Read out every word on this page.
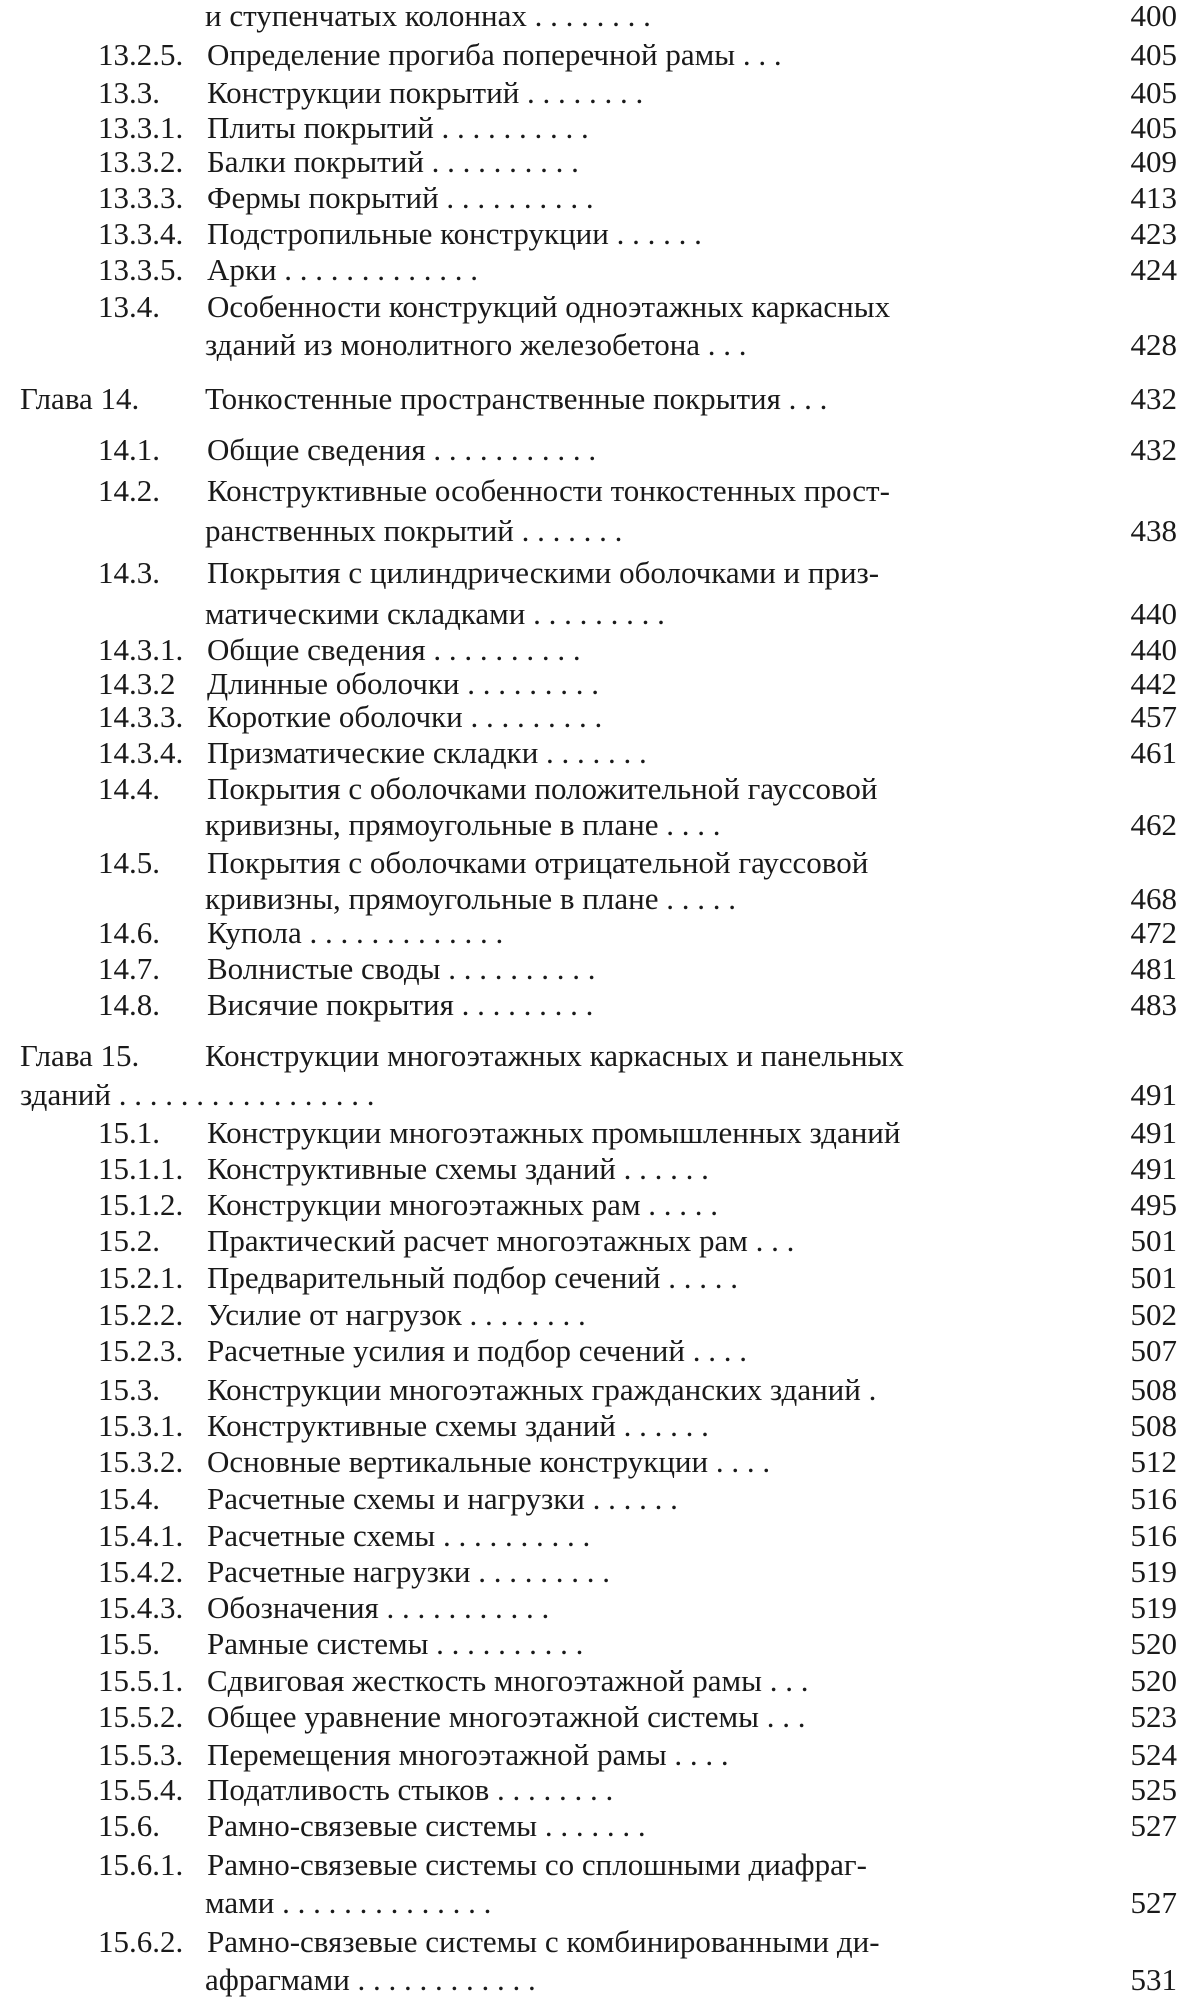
и ступенчатых колоннах . . . . . . . .	400
13.2.5. Определение прогиба поперечной рамы . . .	405
13.3. Конструкции покрытий . . . . . . . .	405
13.3.1. Плиты покрытий . . . . . . . . . .	405
13.3.2. Балки покрытий . . . . . . . . . .	409
13.3.3. Фермы покрытий . . . . . . . . . .	413
13.3.4. Подстропильные конструкции . . . . . .	423
13.3.5. Арки . . . . . . . . . . . . .	424
13.4. Особенности конструкций одноэтажных каркасных
зданий из монолитного железобетона . . .	428
Глава 14. Тонкостенные пространственные покрытия . . .	432
14.1. Общие сведения . . . . . . . . . . .	432
14.2. Конструктивные особенности тонкостенных прост-
ранственных покрытий . . . . . . .	438
14.3. Покрытия с цилиндрическими оболочками и приз-
матическими складками . . . . . . . . .	440
14.3.1. Общие сведения . . . . . . . . . .	440
14.3.2 Длинные оболочки . . . . . . . . .	442
14.3.3. Короткие оболочки . . . . . . . . .	457
14.3.4. Призматические складки . . . . . . .	461
14.4. Покрытия с оболочками положительной гауссовой
кривизны, прямоугольные в плане . . . .	462
14.5. Покрытия с оболочками отрицательной гауссовой
кривизны, прямоугольные в плане . . . . .	468
14.6. Купола . . . . . . . . . . . . .	472
14.7. Волнистые своды . . . . . . . . . .	481
14.8. Висячие покрытия . . . . . . . . .	483
Глава 15. Конструкции многоэтажных каркасных и панельных
зданий . . . . . . . . . . . . . . . . .	491
15.1. Конструкции многоэтажных промышленных зданий	491
15.1.1. Конструктивные схемы зданий . . . . . .	491
15.1.2. Конструкции многоэтажных рам . . . . .	495
15.2. Практический расчет многоэтажных рам . . .	501
15.2.1. Предварительный подбор сечений . . . . .	501
15.2.2. Усилие от нагрузок . . . . . . . .	502
15.2.3. Расчетные усилия и подбор сечений . . . .	507
15.3. Конструкции многоэтажных гражданских зданий .	508
15.3.1. Конструктивные схемы зданий . . . . . .	508
15.3.2. Основные вертикальные конструкции . . . .	512
15.4. Расчетные схемы и нагрузки . . . . . .	516
15.4.1. Расчетные схемы . . . . . . . . . .	516
15.4.2. Расчетные нагрузки . . . . . . . . .	519
15.4.3. Обозначения . . . . . . . . . . .	519
15.5. Рамные системы . . . . . . . . . .	520
15.5.1. Сдвиговая жесткость многоэтажной рамы . . .	520
15.5.2. Общее уравнение многоэтажной системы . . .	523
15.5.3. Перемещения многоэтажной рамы . . . .	524
15.5.4. Податливость стыков . . . . . . . .	525
15.6. Рамно-связевые системы . . . . . . .	527
15.6.1. Рамно-связевые системы со сплошными диафраг-
мами . . . . . . . . . . . . . .	527
15.6.2. Рамно-связевые системы с комбинированными ди-
афрагмами . . . . . . . . . . . .	531
